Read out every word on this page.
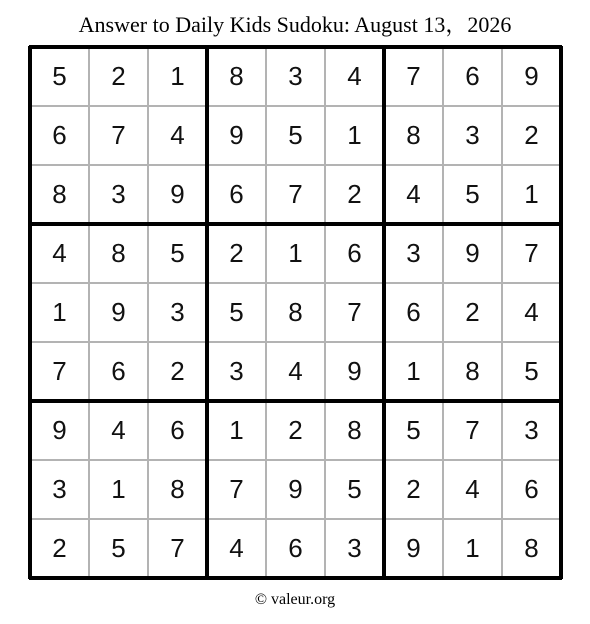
Answer to Daily Kids Sudoku: August 13，2026
5	2	1	8	3	4	7	6	9
6	7	4	9	5	1	8	3	2
8	3	9	6	7	2	4	5	1
4	8	5	2	1	6	3	9	7
1	9	3	5	8	7	6	2	4
7	6	2	3	4	9	1	8	5
9	4	6	1	2	8	5	7	3
3	1	8	7	9	5	2	4	6
2	5	7	4	6	3	9	1	8
© valeur.org
